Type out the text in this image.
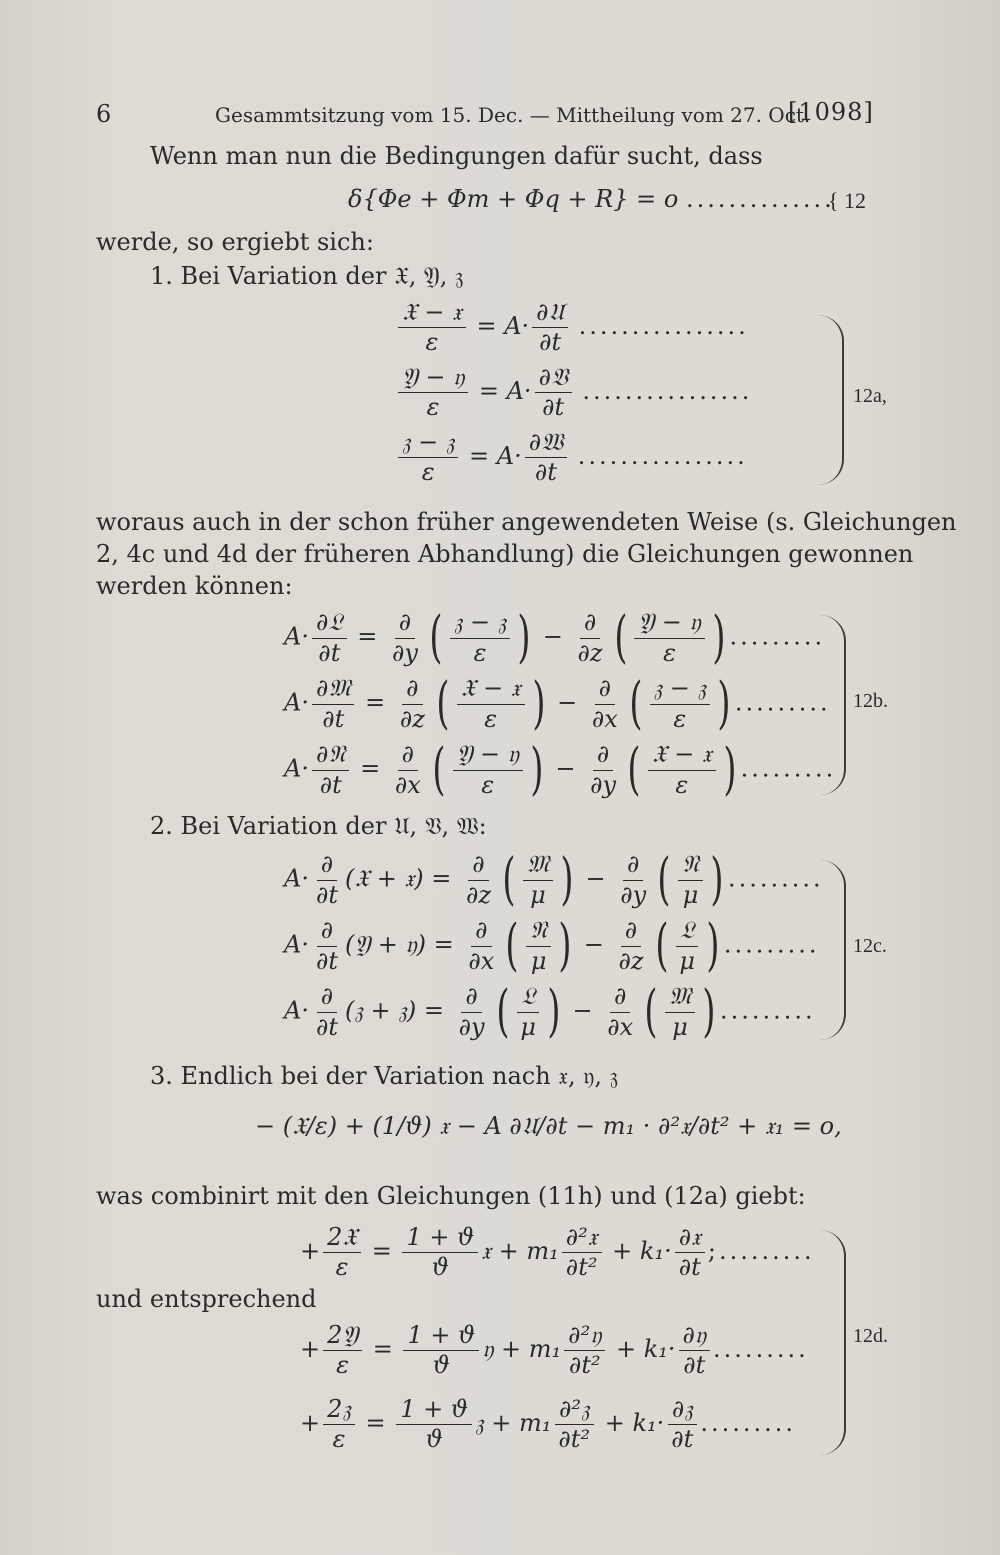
6	Gesammtsitzung vom 15. Dec. — Mittheilung vom 27. Oct.
[1098]
Wenn man nun die Bedingungen dafür sucht, dass
δ{Φe + Φm + Φq + R} = o ..............
{ 12
werde, so ergiebt sich:
1. Bei Variation der 𝔛, 𝔜, 𝔷
$\frac{\text{𝔛 − 𝔵}}{\varepsilon} = A\cdot \frac{\text{∂𝔘}}{\partial t}$ ................
$\frac{\text{𝔜 − 𝔶}}{\varepsilon} = A\cdot \frac{\text{∂𝔙}}{\partial t}$ ................
$\frac{\text{𝔷 − 𝔷}}{\varepsilon} = A\cdot \frac{\text{∂𝔚}}{\partial t}$ ................
12a,
woraus auch in der schon früher angewendeten Weise (s. Gleichungen
2, 4c und 4d der früheren Abhandlung) die Gleichungen gewonnen
werden können:
$A\cdot \frac{\text{∂𝔏}}{\partial t} = \frac{\partial}{\partial y}$ ( $\frac{\text{𝔷 − 𝔷}}{\varepsilon}$ ) − $\frac{\partial}{\partial z}$ ( $\frac{\text{𝔜 − 𝔶}}{\varepsilon}$ ) .........
$A\cdot \frac{\text{∂𝔐}}{\partial t} = \frac{\partial}{\partial z}$ ( $\frac{\text{𝔛 − 𝔵}}{\varepsilon}$ ) − $\frac{\partial}{\partial x}$ ( $\frac{\text{𝔷 − 𝔷}}{\varepsilon}$ ) .........
$A\cdot \frac{\text{∂𝔑}}{\partial t} = \frac{\partial}{\partial x}$ ( $\frac{\text{𝔜 − 𝔶}}{\varepsilon}$ ) − $\frac{\partial}{\partial y}$ ( $\frac{\text{𝔛 − 𝔵}}{\varepsilon}$ ) .........
12b.
2. Bei Variation der 𝔘, 𝔙, 𝔚:
$A\cdot \frac{\partial}{\partial t}$ (𝔛 + 𝔵) = $\frac{\partial}{\partial z}$ ( $\frac{\text{𝔐}}{\mu}$ ) − $\frac{\partial}{\partial y}$ ( $\frac{\text{𝔑}}{\mu}$ ) .........
$A\cdot \frac{\partial}{\partial t}$ (𝔜 + 𝔶) = $\frac{\partial}{\partial x}$ ( $\frac{\text{𝔑}}{\mu}$ ) − $\frac{\partial}{\partial z}$ ( $\frac{\text{𝔏}}{\mu}$ ) .........
$A\cdot \frac{\partial}{\partial t}$ (𝔷 + 𝔷) = $\frac{\partial}{\partial y}$ ( $\frac{\text{𝔏}}{\mu}$ ) − $\frac{\partial}{\partial x}$ ( $\frac{\text{𝔐}}{\mu}$ ) .........
12c.
3. Endlich bei der Variation nach 𝔵, 𝔶, 𝔷
− (𝔛/ε) + (1/ϑ) 𝔵 − A ∂𝔘/∂t − m₁ · ∂²𝔵/∂t² + 𝔵₁ = o,
was combinirt mit den Gleichungen (11h) und (12a) giebt:
+ $\frac{\text{2𝔛}}{\varepsilon} = \frac{1 + ϑ}{ϑ}$ 𝔵 + $m_1 \frac{\text{∂²𝔵}}{\text{∂t²}} + k_1\cdot \frac{\text{∂𝔵}}{\partial t}$ ;.........
und entsprechend
+ $\frac{\text{2𝔜}}{\varepsilon} = \frac{1 + ϑ}{ϑ}$ 𝔶 + $m_1 \frac{\text{∂²𝔶}}{\text{∂t²}} + k_1\cdot \frac{\text{∂𝔶}}{\partial t}$ .........
+ $\frac{\text{2𝔷}}{\varepsilon} = \frac{1 + ϑ}{ϑ}$ 𝔷 + $m_1 \frac{\text{∂²𝔷}}{\text{∂t²}} + k_1\cdot \frac{\text{∂𝔷}}{\partial t}$ .........
12d.
